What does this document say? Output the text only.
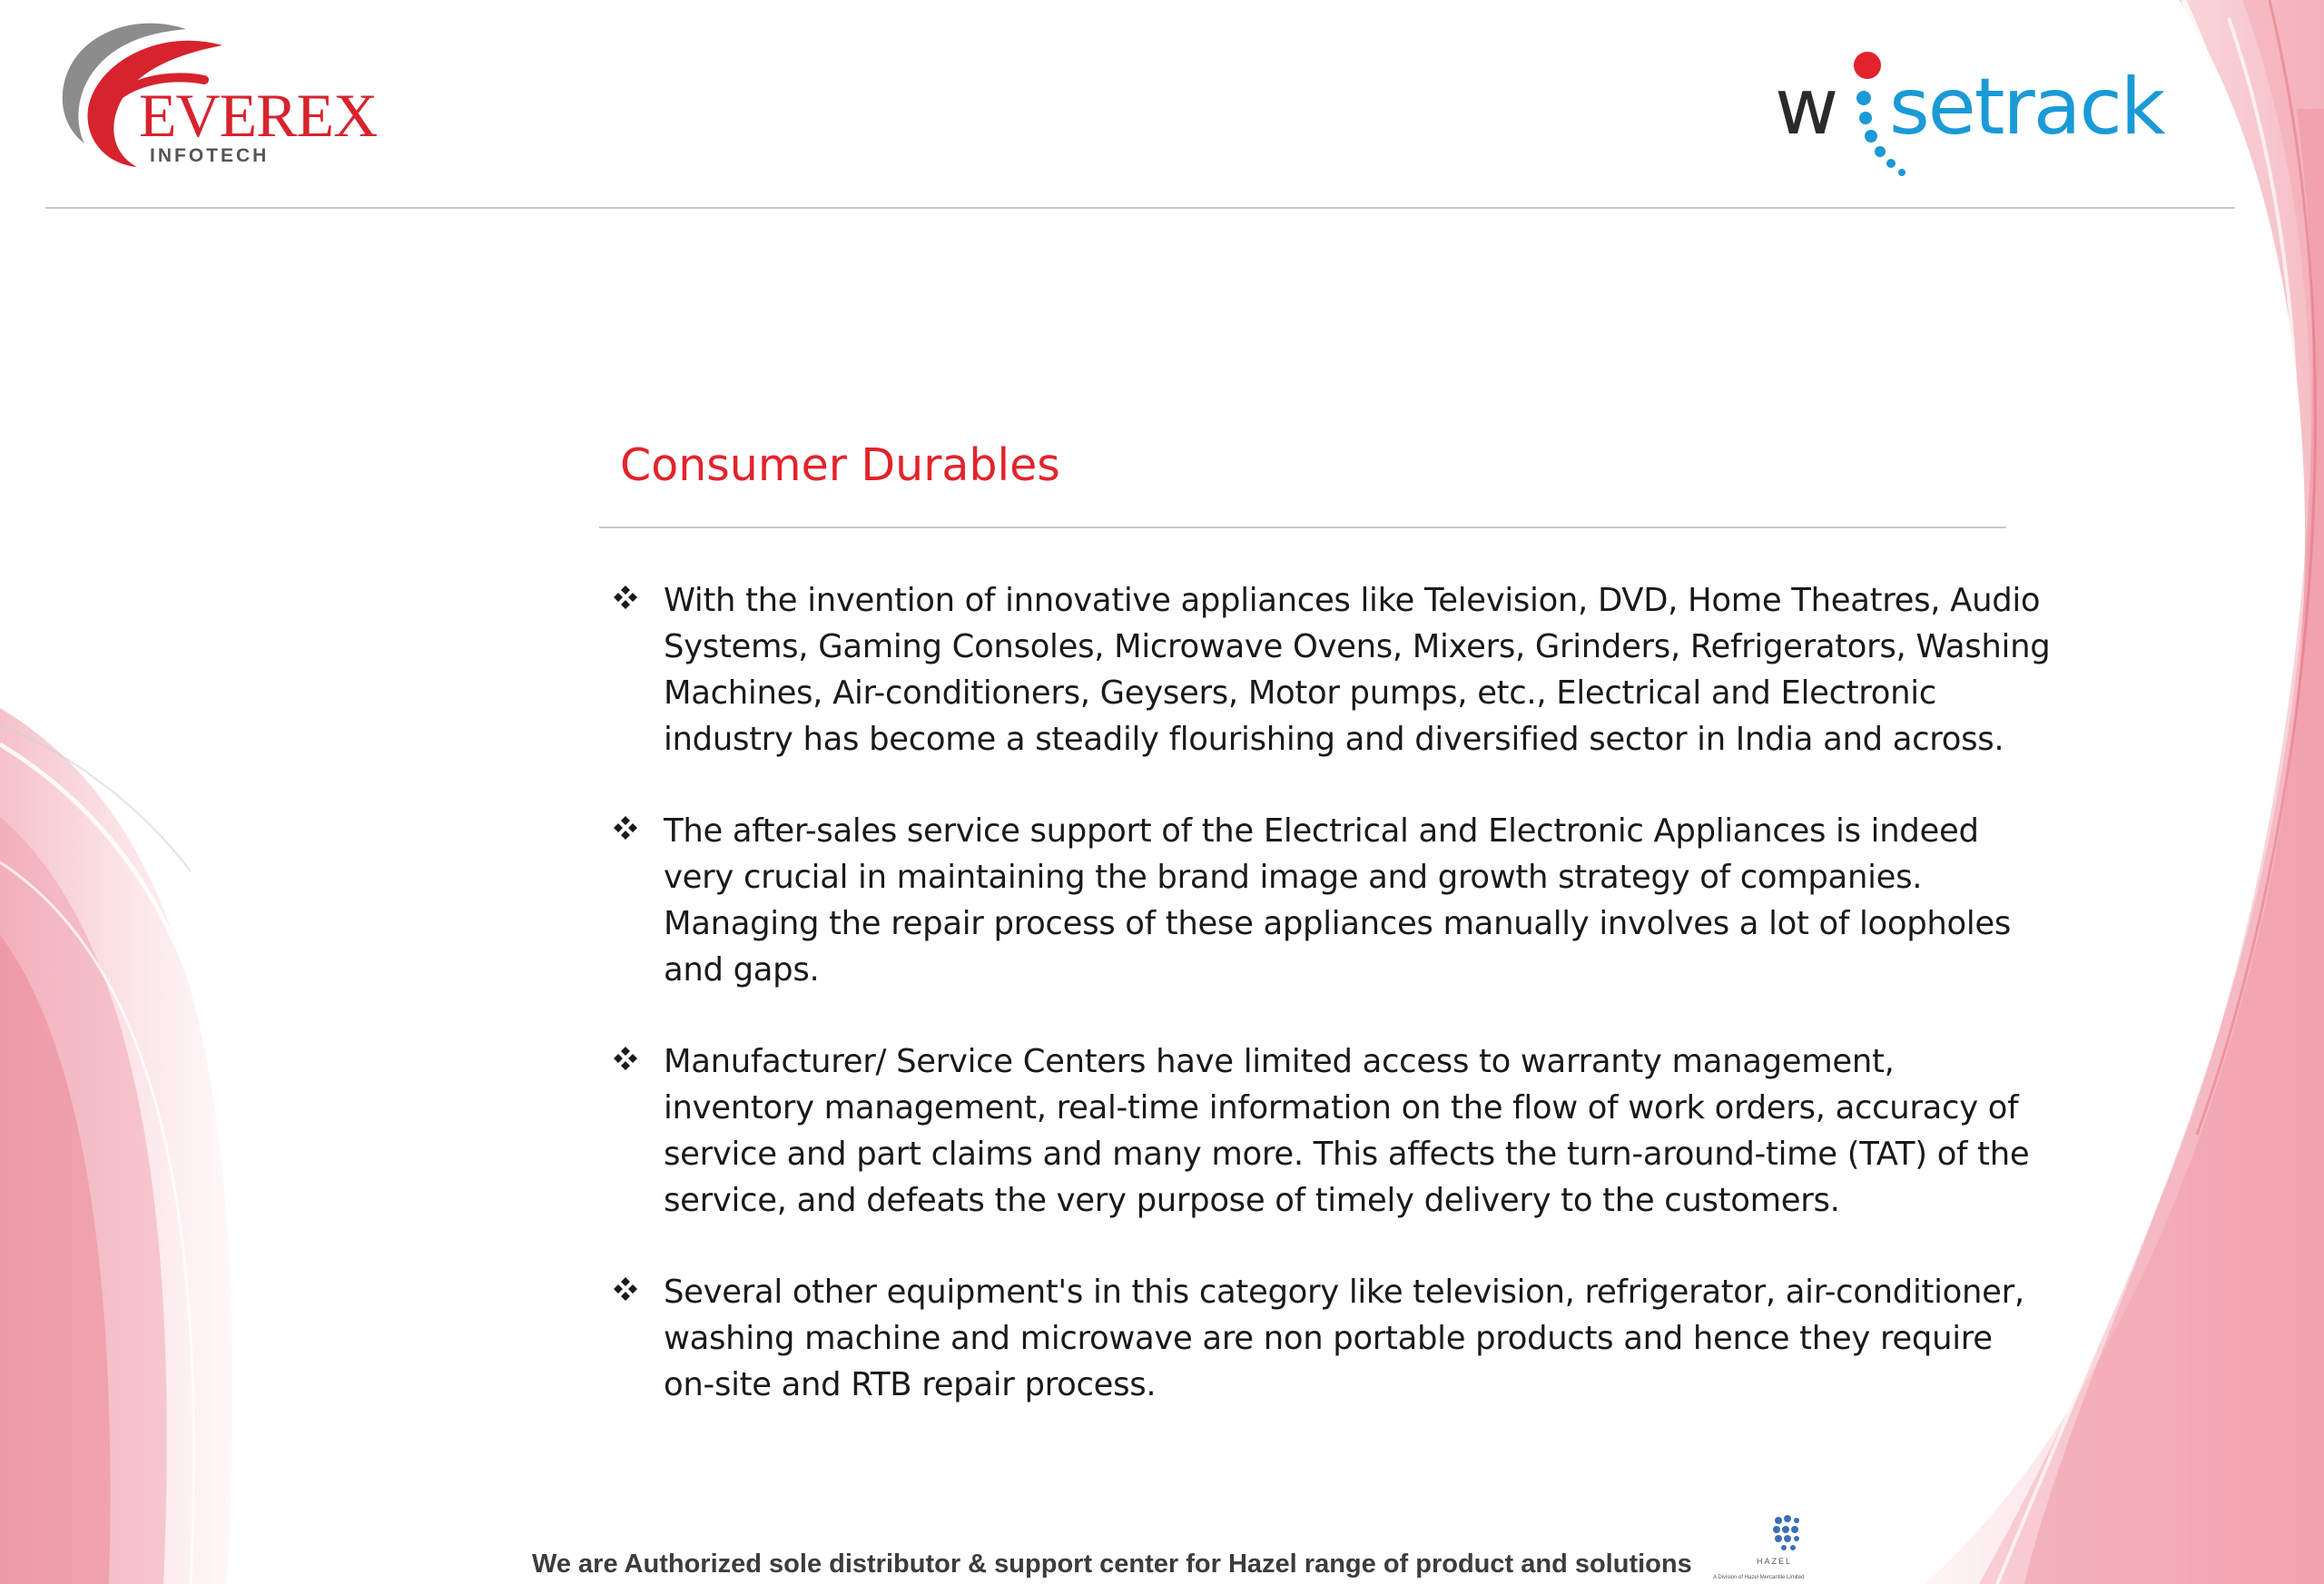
EVEREX
INFOTECH
w setrack
Consumer Durables
With the invention of innovative appliances like Television, DVD, Home Theatres, Audio Systems, Gaming Consoles, Microwave Ovens, Mixers, Grinders, Refrigerators, Washing Machines, Air-conditioners, Geysers, Motor pumps, etc., Electrical and Electronic industry has become a steadily flourishing and diversified sector in India and across.
The after-sales service support of the Electrical and Electronic Appliances is indeed very crucial in maintaining the brand image and growth strategy of companies. Managing the repair process of these appliances manually involves a lot of loopholes and gaps.
Manufacturer/ Service Centers have limited access to warranty management, inventory management, real-time information on the flow of work orders, accuracy of service and part claims and many more. This affects the turn-around-time (TAT) of the service, and defeats the very purpose of timely delivery to the customers.
Several other equipment's in this category like television, refrigerator, air-conditioner, washing machine and microwave are non portable products and hence they require on-site and RTB repair process.

We are Authorized sole distributor & support center for Hazel range of product and solutions	HAZEL
A Division of Hazel Mercantile Limited
